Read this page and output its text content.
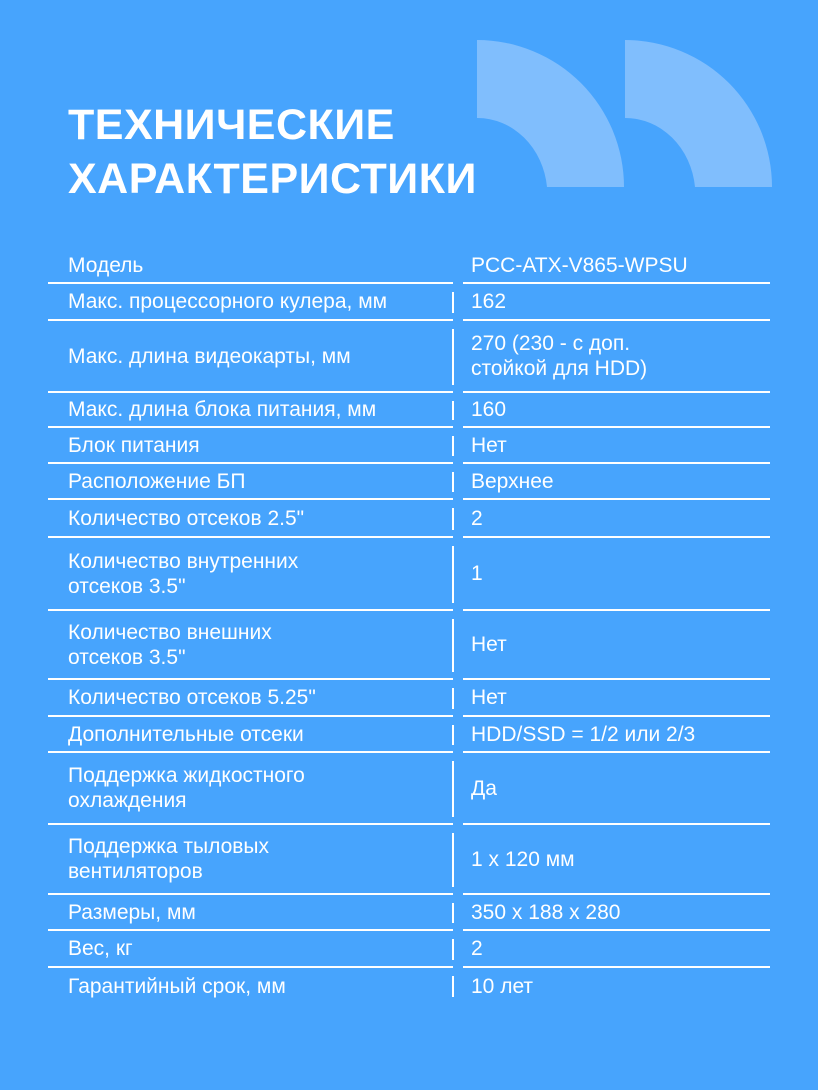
ТЕХНИЧЕСКИЕ
ХАРАКТЕРИСТИКИ
Модель	PCC-ATX-V865-WPSU
Макс. процессорного кулера, мм	162
Макс. длина видеокарты, мм
270 (230 - с доп. стойкой для HDD)
Макс. длина блока питания, мм	160
Блок питания	Нет
Расположение БП	Верхнее
Количество отсеков 2.5"	2
Количество внутренних отсеков 3.5"
1
Количество внешних отсеков 3.5"
Нет
Количество отсеков 5.25"	Нет
Дополнительные отсеки	HDD/SSD = 1/2 или 2/3
Поддержка жидкостного охлаждения
Да
Поддержка тыловых вентиляторов
1 x 120 мм
Размеры, мм	350 x 188 x 280
Вес, кг	2
Гарантийный срок, мм	10 лет
